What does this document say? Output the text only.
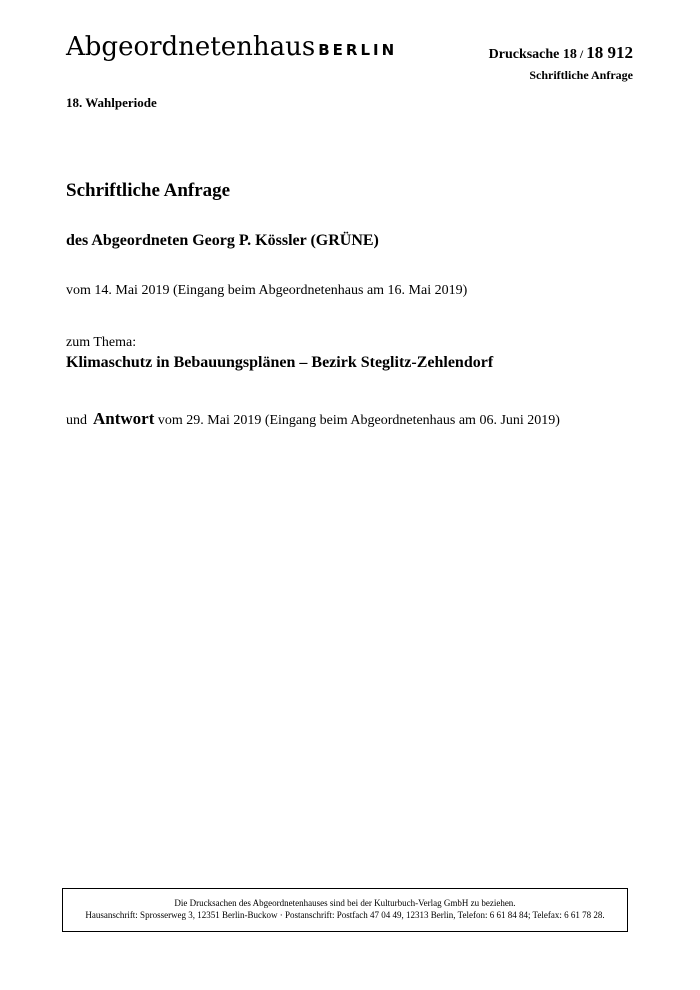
Abgeordnetenhaus BERLIN	Drucksache 18 / 18 912
Schriftliche Anfrage
18. Wahlperiode
Schriftliche Anfrage
des Abgeordneten Georg P. Kössler (GRÜNE)
vom 14. Mai 2019 (Eingang beim Abgeordnetenhaus am 16. Mai 2019)
zum Thema:
Klimaschutz in Bebauungsplänen – Bezirk Steglitz-Zehlendorf
und Antwort vom 29. Mai 2019 (Eingang beim Abgeordnetenhaus am 06. Juni 2019)
Die Drucksachen des Abgeordnetenhauses sind bei der Kulturbuch-Verlag GmbH zu beziehen.
Hausanschrift: Sprosserweg 3, 12351 Berlin-Buckow · Postanschrift: Postfach 47 04 49, 12313 Berlin, Telefon: 6 61 84 84; Telefax: 6 61 78 28.
